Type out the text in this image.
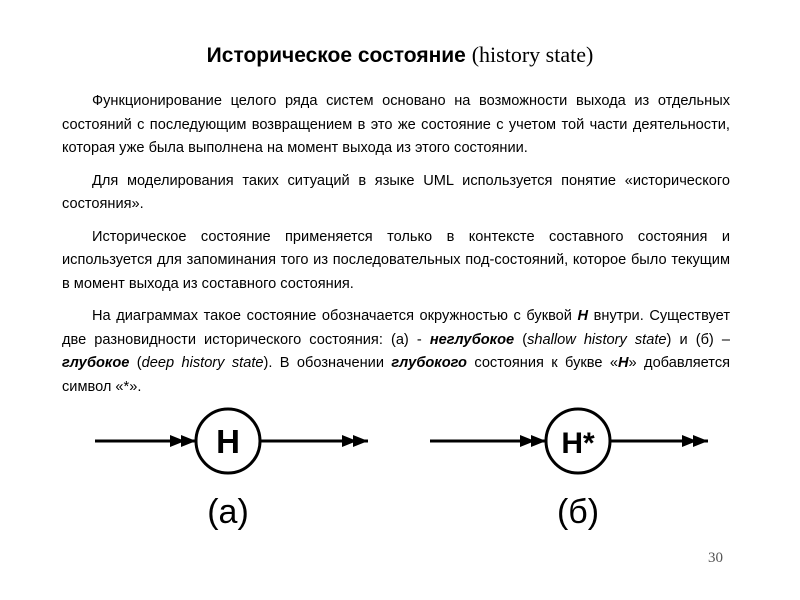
Историческое состояние (history state)

Функционирование целого ряда систем основано на возможности выхода из отдельных состояний с последующим возвращением в это же состояние с учетом той части деятельности, которая уже была выполнена на момент выхода из этого состоянии.

Для моделирования таких ситуаций в языке UML используется понятие «исторического состояния».

Историческое состояние применяется только в контексте составного состояния и используется для запоминания того из последовательных под-состояний, которое было текущим в момент выхода из составного состояния.

На диаграммах такое состояние обозначается окружностью с буквой H внутри. Существует две разновидности исторического состояния: (а) - неглубокое (shallow history state) и (б) – глубокое (deep history state). В обозначении глубокого состояния к букве «H» добавляется символ «*».

H
(а)
H*
(б)
30
